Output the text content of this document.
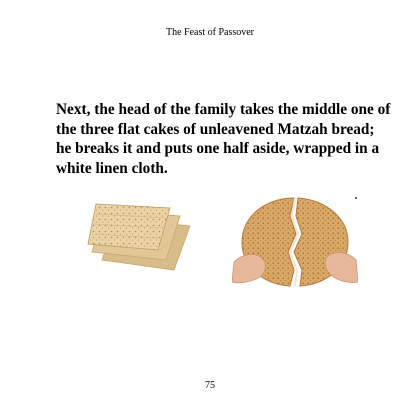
The Feast of Passover
Next, the head of the family takes the middle one of
the three flat cakes of unleavened Matzah bread;
he breaks it and puts one half aside, wrapped in a
white linen cloth.
75
